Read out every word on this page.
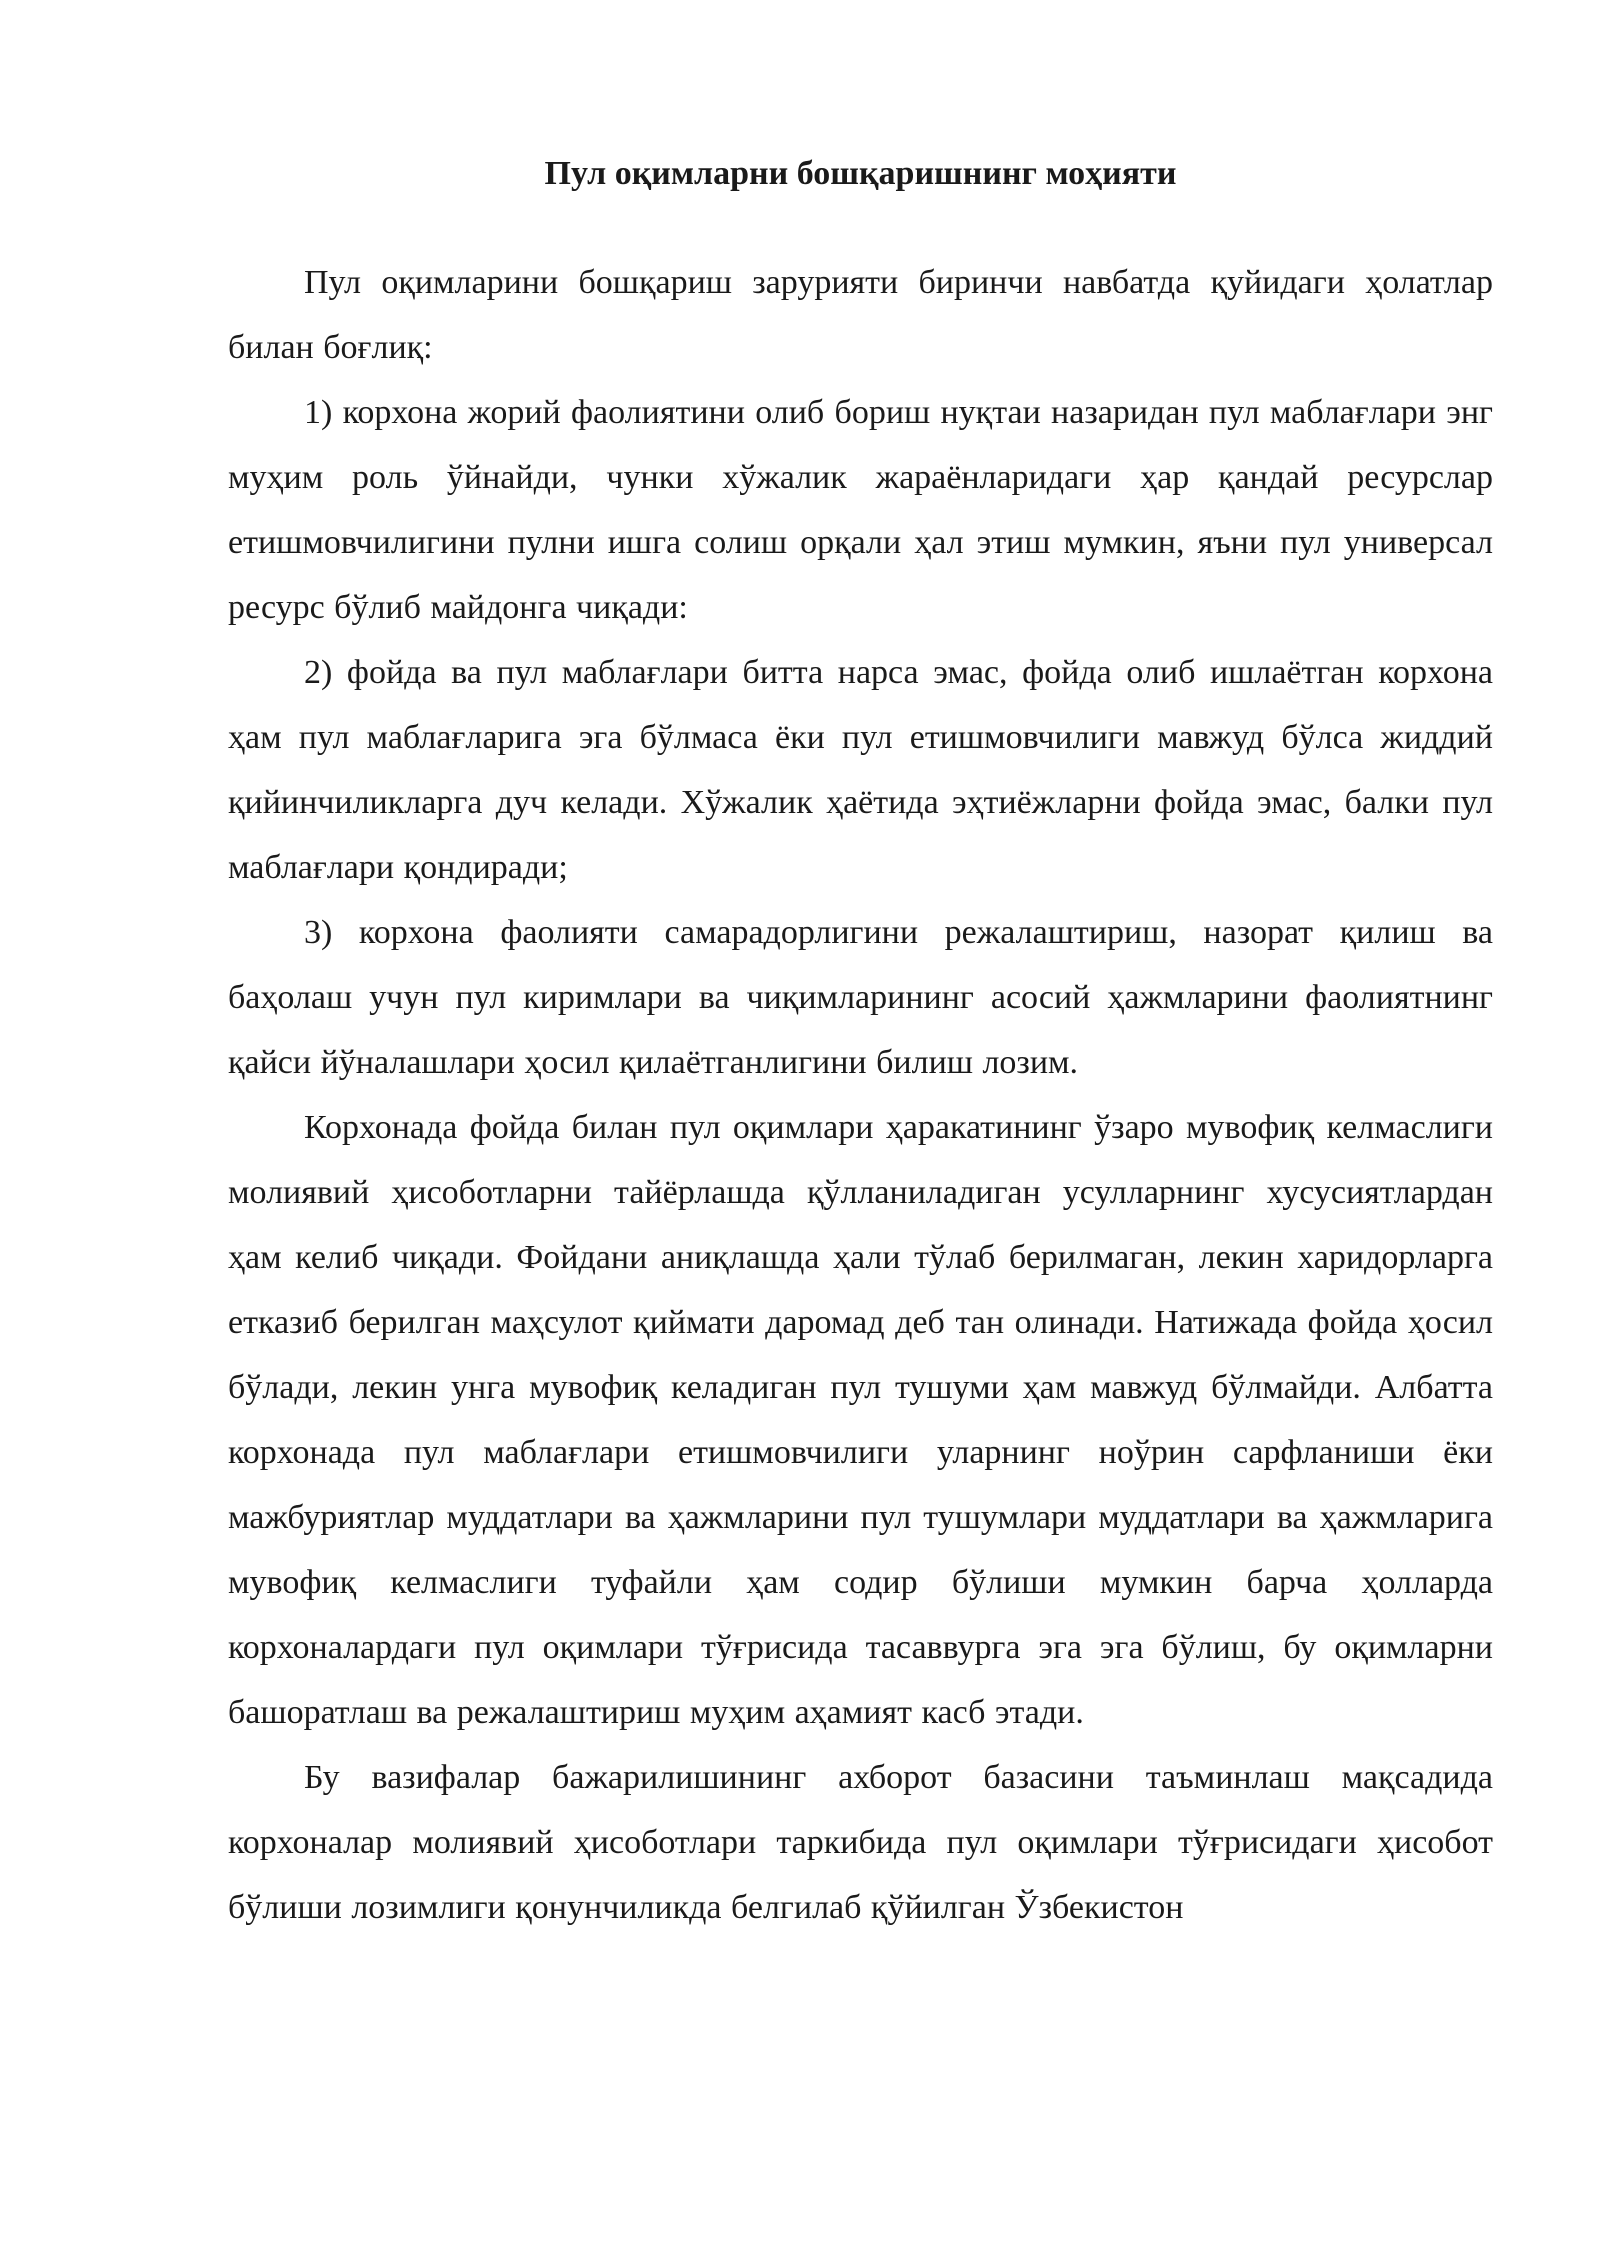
Пул оқимларни бошқаришнинг моҳияти

Пул оқимларини бошқариш зарурияти биринчи навбатда қуйидаги ҳолатлар билан боғлиқ:

1) корхона жорий фаолиятини олиб бориш нуқтаи назаридан пул маблағлари энг муҳим роль ўйнайди, чунки хўжалик жараёнларидаги ҳар қандай ресурслар етишмовчилигини пулни ишга солиш орқали ҳал этиш мумкин, яъни пул универсал ресурс бўлиб майдонга чиқади:

2) фойда ва пул маблағлари битта нарса эмас, фойда олиб ишлаётган корхона ҳам пул маблағларига эга бўлмаса ёки пул етишмовчилиги мавжуд бўлса жиддий қийинчиликларга дуч келади. Хўжалик ҳаётида эҳтиёжларни фойда эмас, балки пул маблағлари қондиради;

3) корхона фаолияти самарадорлигини режалаштириш, назорат қилиш ва баҳолаш учун пул киримлари ва чиқимларининг асосий ҳажмларини фаолиятнинг қайси йўналашлари ҳосил қилаётганлигини билиш лозим.

Корхонада фойда билан пул оқимлари ҳаракатининг ўзаро мувофиқ келмаслиги молиявий ҳисоботларни тайёрлашда қўлланиладиган усулларнинг хусусиятлардан ҳам келиб чиқади. Фойдани аниқлашда ҳали тўлаб берилмаган, лекин харидорларга етказиб берилган маҳсулот қиймати даромад деб тан олинади. Натижада фойда ҳосил бўлади, лекин унга мувофиқ келадиган пул тушуми ҳам мавжуд бўлмайди. Албатта корхонада пул маблағлари етишмовчилиги уларнинг ноўрин сарфланиши ёки мажбуриятлар муддатлари ва ҳажмларини пул тушумлари муддатлари ва ҳажмларига мувофиқ келмаслиги туфайли ҳам содир бўлиши мумкин барча ҳолларда корхоналардаги пул оқимлари тўғрисида тасаввурга эга эга бўлиш, бу оқимларни башоратлаш ва режалаштириш муҳим аҳамият касб этади.

Бу вазифалар бажарилишининг ахборот базасини таъминлаш мақсадида корхоналар молиявий ҳисоботлари таркибида пул оқимлари тўғрисидаги ҳисобот бўлиши лозимлиги қонунчиликда белгилаб қўйилган Ўзбекистон
